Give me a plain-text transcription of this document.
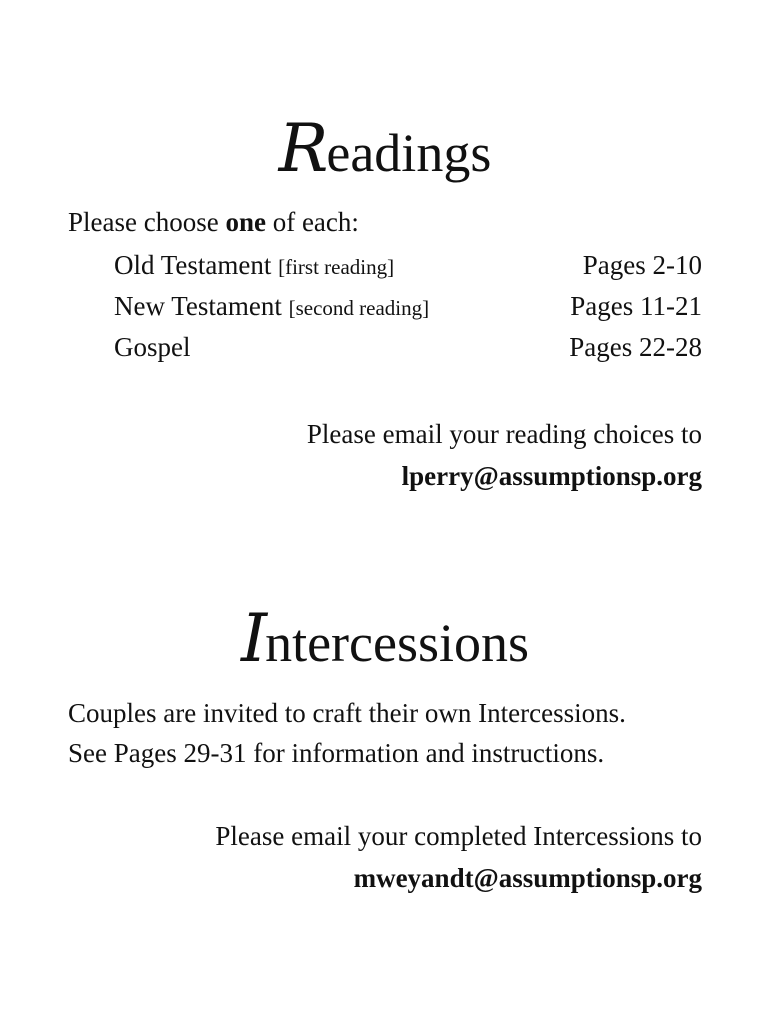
Readings
Please choose one of each:
Old Testament [first reading]	Pages 2-10
New Testament [second reading]	Pages 11-21
Gospel	Pages 22-28
Please email your reading choices to
lperry@assumptionsp.org
Intercessions
Couples are invited to craft their own Intercessions.
See Pages 29-31 for information and instructions.
Please email your completed Intercessions to
mweyandt@assumptionsp.org
